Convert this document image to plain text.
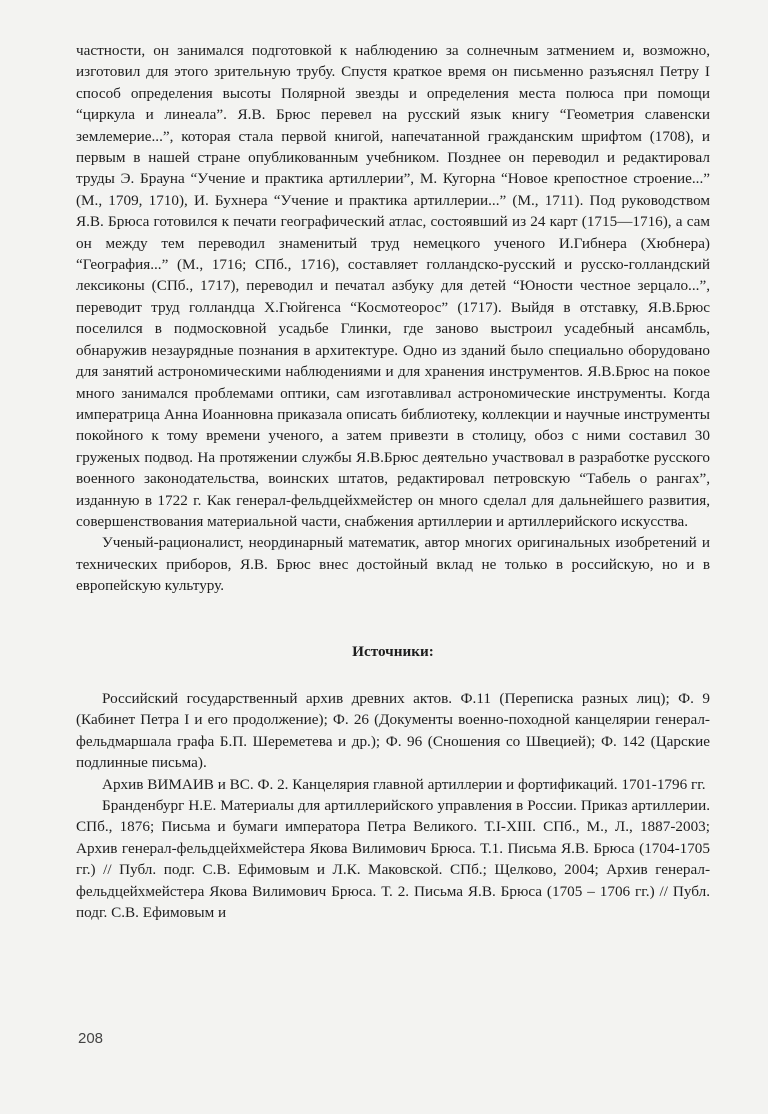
частности, он занимался подготовкой к наблюдению за солнечным затмением и, возможно, изготовил для этого зрительную трубу. Спустя краткое время он письменно разъяснял Петру I способ определения высоты Полярной звезды и определения места полюса при помощи “циркула и линеала”. Я.В. Брюс перевел на русский язык книгу “Геометрия славенски землемерие...”, которая стала первой книгой, напечатанной гражданским шрифтом (1708), и первым в нашей стране опубликованным учебником. Позднее он переводил и редактировал труды Э. Брауна “Учение и практика артиллерии”, М. Кугорна “Новое крепостное строение...” (М., 1709, 1710), И. Бухнера “Учение и практика артиллерии...” (М., 1711). Под руководством Я.В. Брюса готовился к печати географический атлас, состоявший из 24 карт (1715—1716), а сам он между тем переводил знаменитый труд немецкого ученого И.Гибнера (Хюбнера) “География...” (М., 1716; СПб., 1716), составляет голландско-русский и русско-голландский лексиконы (СПб., 1717), переводил и печатал азбуку для детей “Юности честное зерцало...”, переводит труд голландца Х.Гюйгенса “Космотеорос” (1717). Выйдя в отставку, Я.В.Брюс поселился в подмосковной усадьбе Глинки, где заново выстроил усадебный ансамбль, обнаружив незаурядные познания в архитектуре. Одно из зданий было специально оборудовано для занятий астрономическими наблюдениями и для хранения инструментов. Я.В.Брюс на покое много занимался проблемами оптики, сам изготавливал астрономические инструменты. Когда императрица Анна Иоанновна приказала описать библиотеку, коллекции и научные инструменты покойного к тому времени ученого, а затем привезти в столицу, обоз с ними составил 30 груженых подвод. На протяжении службы Я.В.Брюс деятельно участвовал в разработке русского военного законодательства, воинских штатов, редактировал петровскую “Табель о рангах”, изданную в 1722 г. Как генерал-фельдцейхмейстер он много сделал для дальнейшего развития, совершенствования материальной части, снабжения артиллерии и артиллерийского искусства.

Ученый-рационалист, неординарный математик, автор многих оригинальных изобретений и технических приборов, Я.В. Брюс внес достойный вклад не только в российскую, но и в европейскую культуру.

Источники:

Российский государственный архив древних актов. Ф.11 (Переписка разных лиц); Ф. 9 (Кабинет Петра I и его продолжение); Ф. 26 (Документы военно-походной канцелярии генерал-фельдмаршала графа Б.П. Шереметева и др.); Ф. 96 (Сношения со Швецией); Ф. 142 (Царские подлинные письма).

Архив ВИМАИВ и ВС. Ф. 2. Канцелярия главной артиллерии и фортификаций. 1701-1796 гг.

Бранденбург Н.Е. Материалы для артиллерийского управления в России. Приказ артиллерии. СПб., 1876; Письма и бумаги императора Петра Великого. Т.I-XIII. СПб., М., Л., 1887-2003; Архив генерал-фельдцейхмейстера Якова Вилимович Брюса. Т.1. Письма Я.В. Брюса (1704-1705 гг.) // Публ. подг. С.В. Ефимовым и Л.К. Маковской. СПб.; Щелково, 2004; Архив генерал-фельдцейхмейстера Якова Вилимович Брюса. Т. 2. Письма Я.В. Брюса (1705 – 1706 гг.) // Публ. подг. С.В. Ефимовым и

208
